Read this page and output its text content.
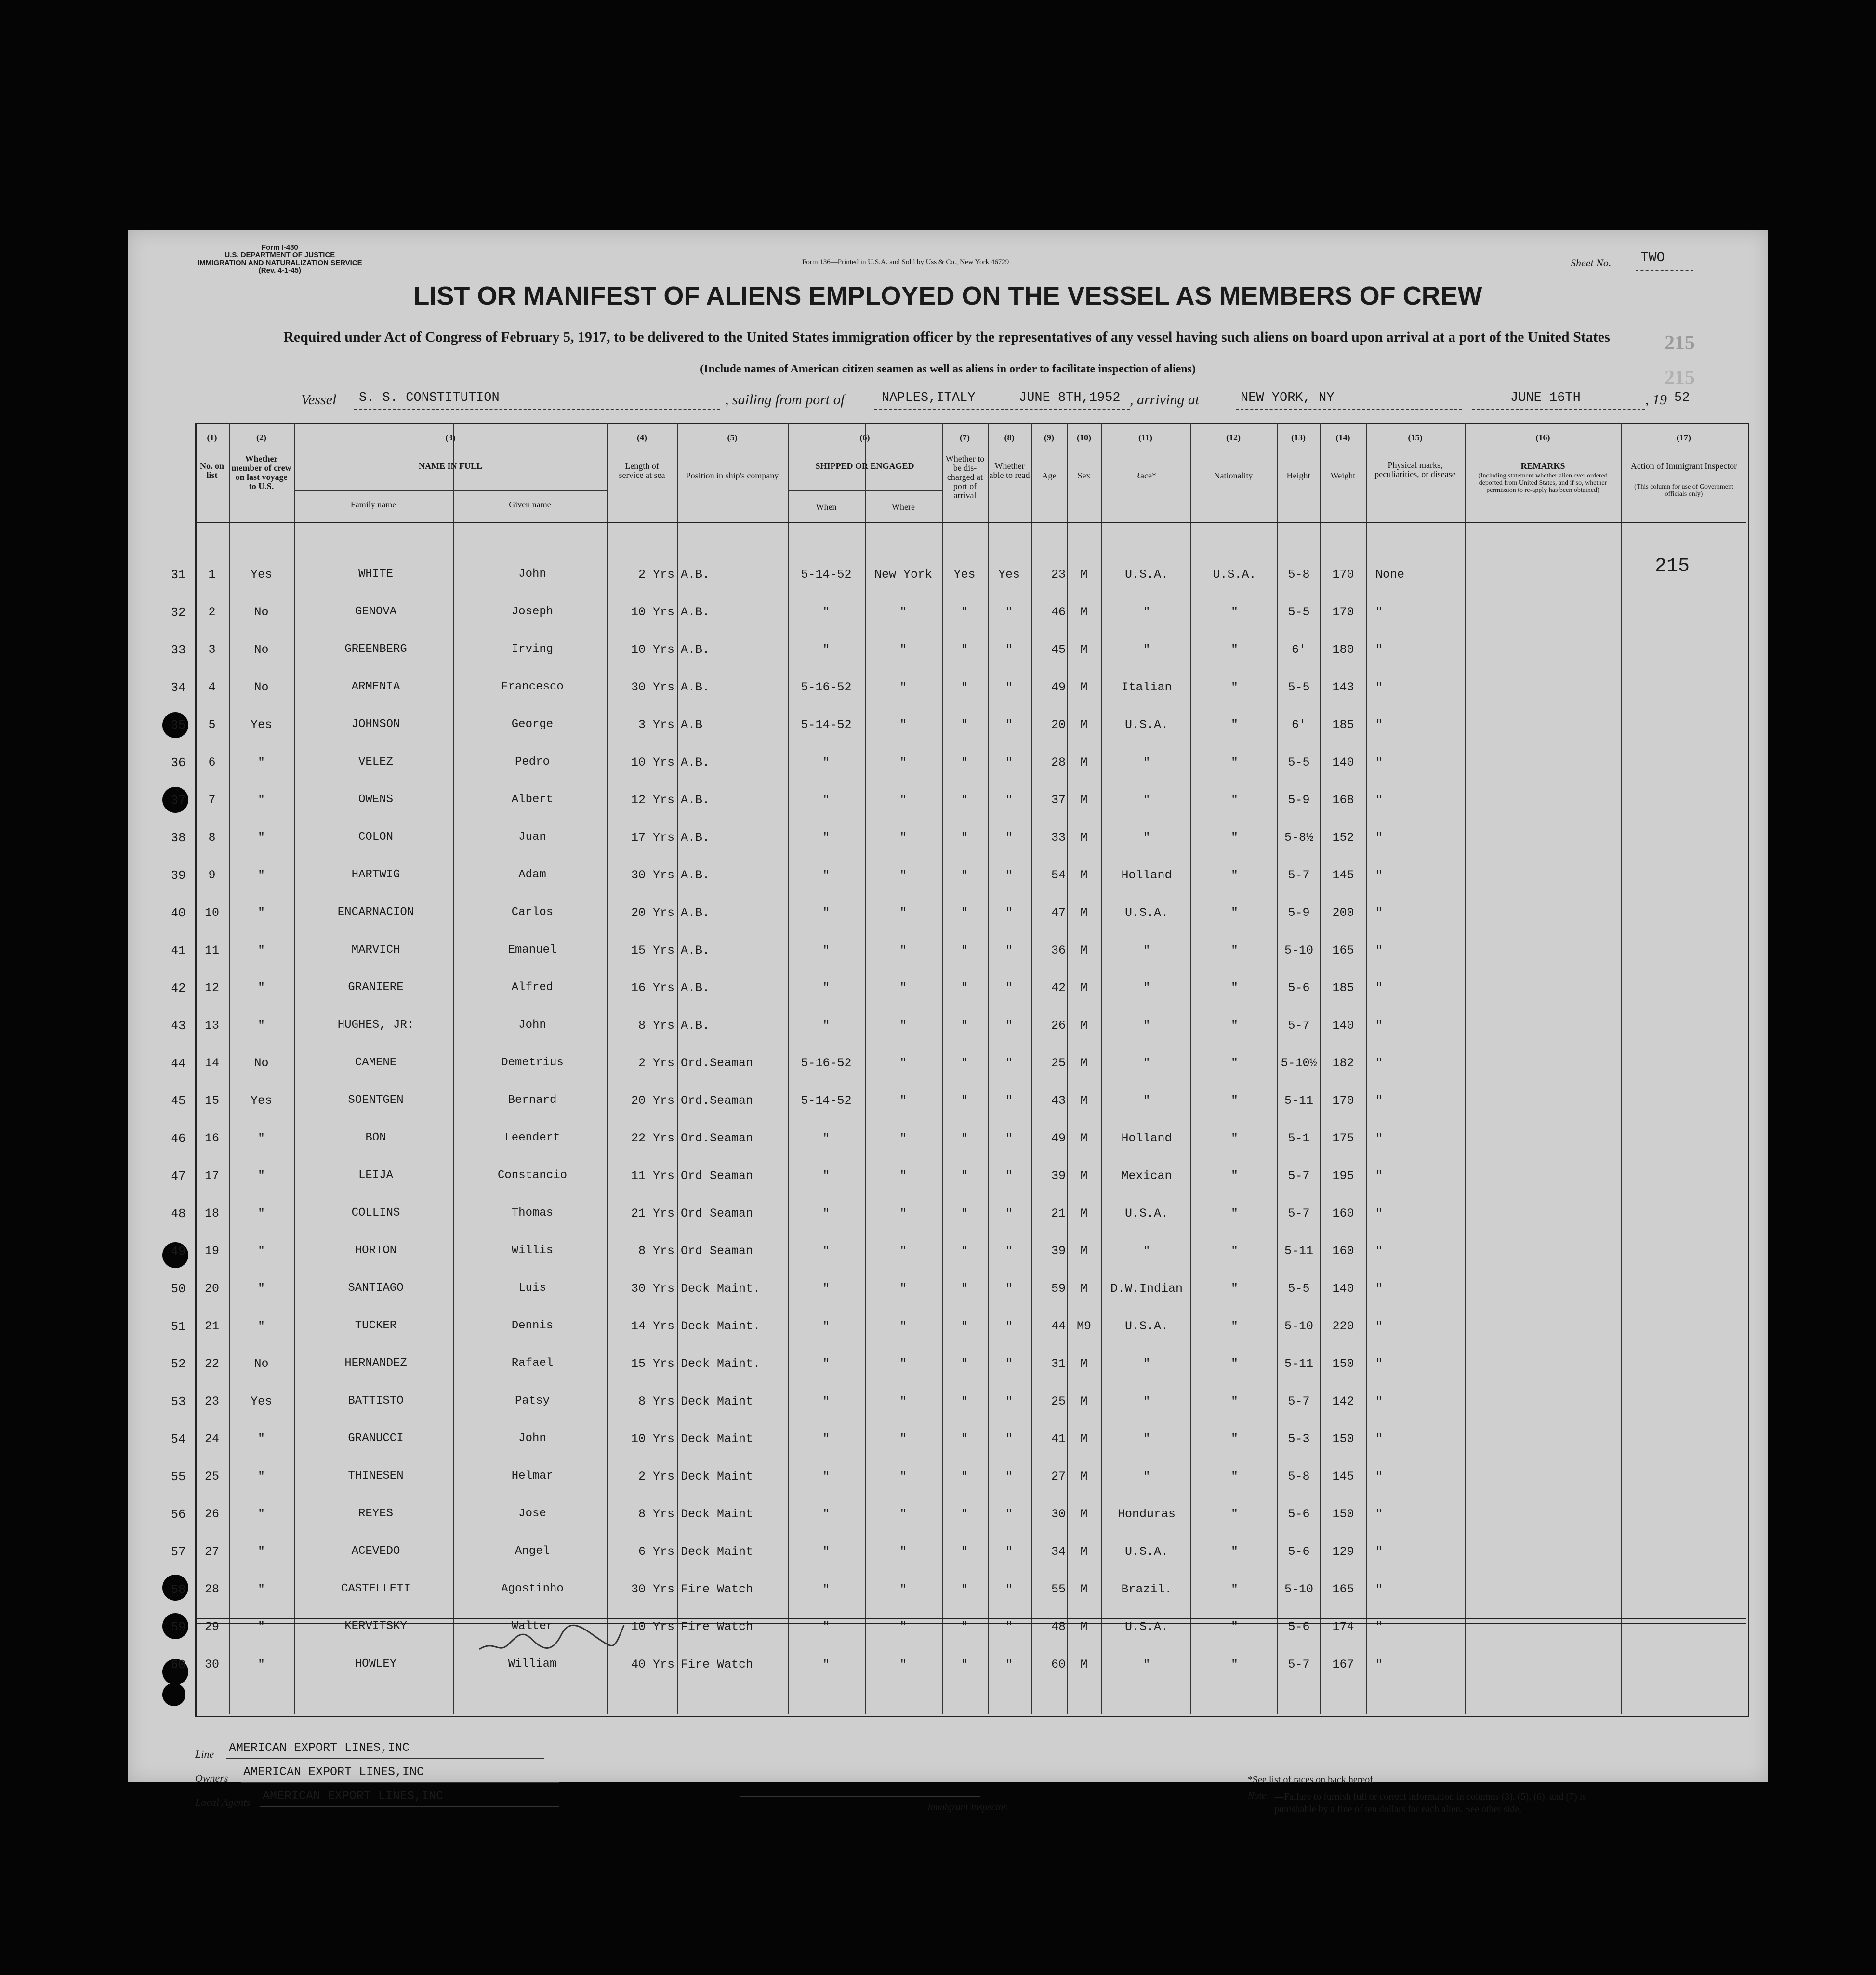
Form I-480
U.S. DEPARTMENT OF JUSTICE
IMMIGRATION AND NATURALIZATION SERVICE
(Rev. 4-1-45)
Form 136—Printed in U.S.A. and Sold by Uss & Co., New York 46729	Sheet No. TWO
LIST OR MANIFEST OF ALIENS EMPLOYED ON THE VESSEL AS MEMBERS OF CREW
Required under Act of Congress of February 5, 1917, to be delivered to the United States immigration officer by the representatives of any vessel having such aliens on board upon arrival at a port of the United States
(Include names of American citizen seamen as well as aliens in order to facilitate inspection of aliens)
215
215
Vessel S. S. CONSTITUTION	, sailing from port of	NAPLES,ITALY	JUNE 8TH,1952 , arriving at	NEW YORK, NY	JUNE 16TH	, 19 52
(1)
No. on list
(2)
Whether member of crew on last voyage to U.S.
(3)
NAME IN FULL
Family name	Given name
(4)
Length of service at sea
(5)
Position in ship's company
(6)
SHIPPED OR ENGAGED
When	Where
(7)
Whether to be dis-charged at port of arrival
(8)
Whether able to read
(9)
Age
(10)
Sex
(11)
Race*
(12)
Nationality
(13)
Height
(14)
Weight
(15)
Physical marks, peculiarities, or disease
(16)
REMARKS
(Including statement whether alien ever ordered deported from United States, and if so, whether permission to re-apply has been obtained)
(17)
Action of Immigrant Inspector
(This column for use of Government officials only)
215
31	1	Yes	WHITE	John	2 Yrs A.B.	5-14-52	New York	Yes	Yes	23	M	U.S.A.	U.S.A.	5-8	170	None
32	2	No	GENOVA	Joseph	10 Yrs A.B.	"	"	"	"	46	M	"	"	5-5	170	"
33	3	No	GREENBERG	Irving	10 Yrs A.B.	"	"	"	"	45	M	"	"	6'	180	"
34	4	No	ARMENIA	Francesco	30 Yrs A.B.	5-16-52	"	"	"	49	M	Italian	"	5-5	143	"
35	5	Yes	JOHNSON	George	3 Yrs A.B	5-14-52	"	"	"	20	M	U.S.A.	"	6'	185	"
36	6	"	VELEZ	Pedro	10 Yrs A.B.	"	"	"	"	28	M	"	"	5-5	140	"
37	7	"	OWENS	Albert	12 Yrs A.B.	"	"	"	"	37	M	"	"	5-9	168	"
38	8	"	COLON	Juan	17 Yrs A.B.	"	"	"	"	33	M	"	"	5-8½	152	"
39	9	"	HARTWIG	Adam	30 Yrs A.B.	"	"	"	"	54	M	Holland	"	5-7	145	"
40	10	"	ENCARNACION	Carlos	20 Yrs A.B.	"	"	"	"	47	M	U.S.A.	"	5-9	200	"
41	11	"	MARVICH	Emanuel	15 Yrs A.B.	"	"	"	"	36	M	"	"	5-10	165	"
42	12	"	GRANIERE	Alfred	16 Yrs A.B.	"	"	"	"	42	M	"	"	5-6	185	"
43	13	"	HUGHES, JR:	John	8 Yrs A.B.	"	"	"	"	26	M	"	"	5-7	140	"
44	14	No	CAMENE	Demetrius	2 Yrs Ord.Seaman	5-16-52	"	"	"	25	M	"	"	5-10½	182	"
45	15	Yes	SOENTGEN	Bernard	20 Yrs Ord.Seaman	5-14-52	"	"	"	43	M	"	"	5-11	170	"
46	16	"	BON	Leendert	22 Yrs Ord.Seaman	"	"	"	"	49	M	Holland	"	5-1	175	"
47	17	"	LEIJA	Constancio	11 Yrs Ord Seaman	"	"	"	"	39	M	Mexican	"	5-7	195	"
48	18	"	COLLINS	Thomas	21 Yrs Ord Seaman	"	"	"	"	21	M	U.S.A.	"	5-7	160	"
49	19	"	HORTON	Willis	8 Yrs Ord Seaman	"	"	"	"	39	M	"	"	5-11	160	"
50	20	"	SANTIAGO	Luis	30 Yrs Deck Maint.	"	"	"	"	59	M	D.W.Indian	"	5-5	140	"
51	21	"	TUCKER	Dennis	14 Yrs Deck Maint.	"	"	"	"	44 M9	U.S.A.	"	5-10	220	"
52	22	No	HERNANDEZ	Rafael	15 Yrs Deck Maint.	"	"	"	"	31	M	"	"	5-11	150	"
53	23	Yes	BATTISTO	Patsy	8 Yrs Deck Maint	"	"	"	"	25	M	"	"	5-7	142	"
54	24	"	GRANUCCI	John	10 Yrs Deck Maint	"	"	"	"	41	M	"	"	5-3	150	"
55	25	"	THINESEN	Helmar	2 Yrs Deck Maint	"	"	"	"	27	M	"	"	5-8	145	"
56	26	"	REYES	Jose	8 Yrs Deck Maint	"	"	"	"	30	M	Honduras	"	5-6	150	"
57	27	"	ACEVEDO	Angel	6 Yrs Deck Maint	"	"	"	"	34	M	U.S.A.	"	5-6	129	"
58	28	"	CASTELLETI	Agostinho	30 Yrs Fire Watch	"	"	"	"	55	M	Brazil.	"	5-10	165	"
59	29	"	KERVITSKY	Walter	10 Yrs Fire Watch	"	"	"	"	48	M	U.S.A.	"	5-6	174	"
60	30	"	HOWLEY	William	40 Yrs Fire Watch	"	"	"	"	60	M	"	"	5-7	167	"
Line AMERICAN EXPORT LINES,INC
Owners AMERICAN EXPORT LINES,INC
Local Agents AMERICAN EXPORT LINES,INC
Immigrant Inspector.
*See list of races on back hereof.
Note. —Failure to furnish full or correct information in columns (3), (5), (6), and (7) is punishable by a fine of ten dollars for each alien. See other side.
